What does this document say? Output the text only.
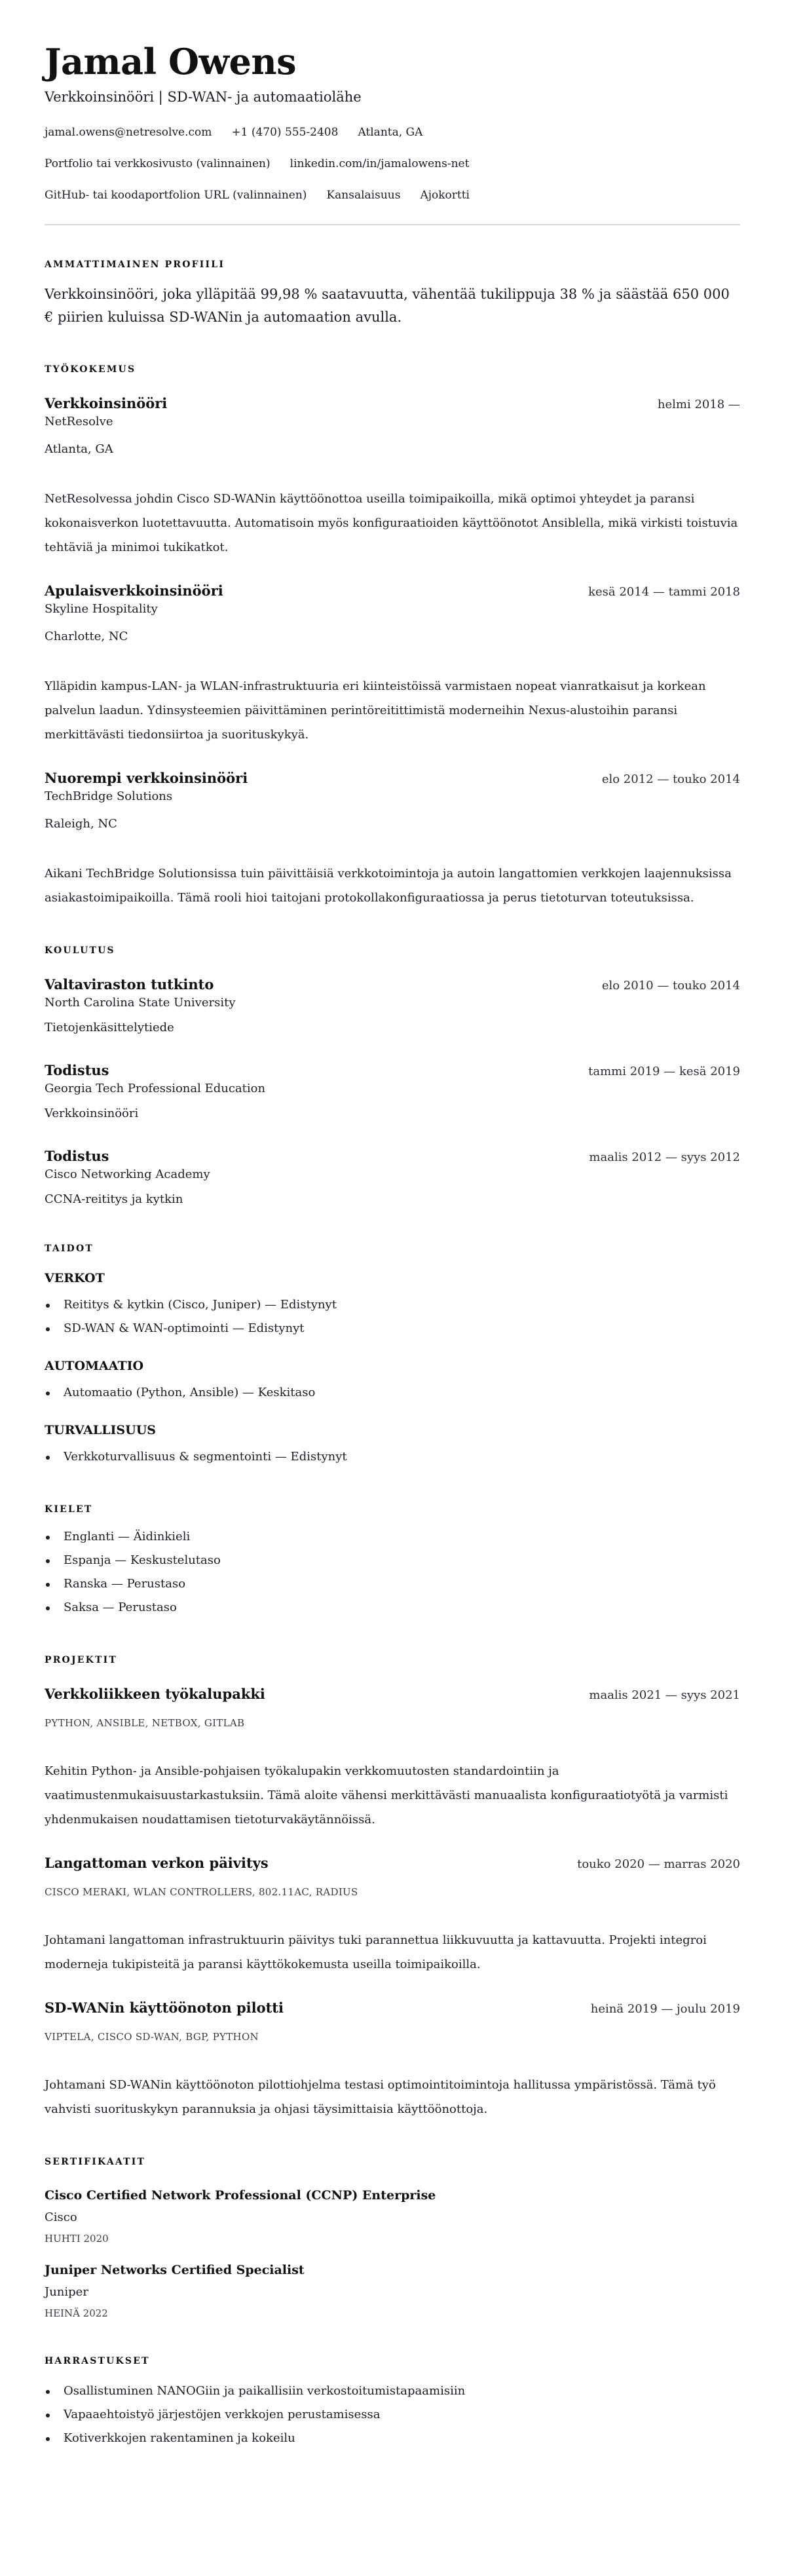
Jamal Owens
Verkkoinsinööri | SD-WAN- ja automaatiolähe
jamal.owens@netresolve.com +1 (470) 555-2408 Atlanta, GA
Portfolio tai verkkosivusto (valinnainen) linkedin.com/in/jamalowens-net
GitHub- tai koodaportfolion URL (valinnainen) Kansalaisuus Ajokortti
AMMATTIMAINEN PROFIILI

Verkkoinsinööri, joka ylläpitää 99,98 % saatavuutta, vähentää tukilippuja 38 % ja säästää 650 000 € piirien kuluissa SD-WANin ja automaation avulla.

TYÖKOKEMUS
Verkkoinsinööri	helmi 2018 —
NetResolve
Atlanta, GA

NetResolvessa johdin Cisco SD-WANin käyttöönottoa useilla toimipaikoilla, mikä optimoi yhteydet ja paransi kokonaisverkon luotettavuutta. Automatisoin myös konfiguraatioiden käyttöönotot Ansiblella, mikä virkisti toistuvia tehtäviä ja minimoi tukikatkot.

Apulaisverkkoinsinööri	kesä 2014 — tammi 2018
Skyline Hospitality
Charlotte, NC

Ylläpidin kampus-LAN- ja WLAN-infrastruktuuria eri kiinteistöissä varmistaen nopeat vianratkaisut ja korkean palvelun laadun. Ydinsysteemien päivittäminen perintöreitittimistä moderneihin Nexus-alustoihin paransi merkittävästi tiedonsiirtoa ja suorituskykyä.

Nuorempi verkkoinsinööri	elo 2012 — touko 2014
TechBridge Solutions
Raleigh, NC

Aikani TechBridge Solutionsissa tuin päivittäisiä verkkotoimintoja ja autoin langattomien verkkojen laajennuksissa asiakastoimipaikoilla. Tämä rooli hioi taitojani protokollakonfiguraatiossa ja perus tietoturvan toteutuksissa.

KOULUTUS
Valtaviraston tutkinto	elo 2010 — touko 2014
North Carolina State University
Tietojenkäsittelytiede
Todistus	tammi 2019 — kesä 2019
Georgia Tech Professional Education
Verkkoinsinööri
Todistus	maalis 2012 — syys 2012
Cisco Networking Academy
CCNA-reititys ja kytkin
TAIDOT
VERKOT
Reititys & kytkin (Cisco, Juniper) — Edistynyt
SD-WAN & WAN-optimointi — Edistynyt
AUTOMAATIO
Automaatio (Python, Ansible) — Keskitaso
TURVALLISUUS
Verkkoturvallisuus & segmentointi — Edistynyt
KIELET
Englanti — Äidinkieli
Espanja — Keskustelutaso
Ranska — Perustaso
Saksa — Perustaso
PROJEKTIT
Verkkoliikkeen työkalupakki	maalis 2021 — syys 2021
PYTHON, ANSIBLE, NETBOX, GITLAB

Kehitin Python- ja Ansible-pohjaisen työkalupakin verkkomuutosten standardointiin ja vaatimustenmukaisuustarkastuksiin. Tämä aloite vähensi merkittävästi manuaalista konfiguraatiotyötä ja varmisti yhdenmukaisen noudattamisen tietoturvakäytännöissä.

Langattoman verkon päivitys	touko 2020 — marras 2020
CISCO MERAKI, WLAN CONTROLLERS, 802.11AC, RADIUS

Johtamani langattoman infrastruktuurin päivitys tuki parannettua liikkuvuutta ja kattavuutta. Projekti integroi moderneja tukipisteitä ja paransi käyttökokemusta useilla toimipaikoilla.

SD-WANin käyttöönoton pilotti	heinä 2019 — joulu 2019
VIPTELA, CISCO SD-WAN, BGP, PYTHON

Johtamani SD-WANin käyttöönoton pilottiohjelma testasi optimointitoimintoja hallitussa ympäristössä. Tämä työ vahvisti suorituskykyn parannuksia ja ohjasi täysimittaisia käyttöönottoja.

SERTIFIKAATIT
Cisco Certified Network Professional (CCNP) Enterprise
Cisco
HUHTI 2020
Juniper Networks Certified Specialist
Juniper
HEINÄ 2022
HARRASTUKSET
Osallistuminen NANOGiin ja paikallisiin verkostoitumistapaamisiin
Vapaaehtoistyö järjestöjen verkkojen perustamisessa
Kotiverkkojen rakentaminen ja kokeilu
